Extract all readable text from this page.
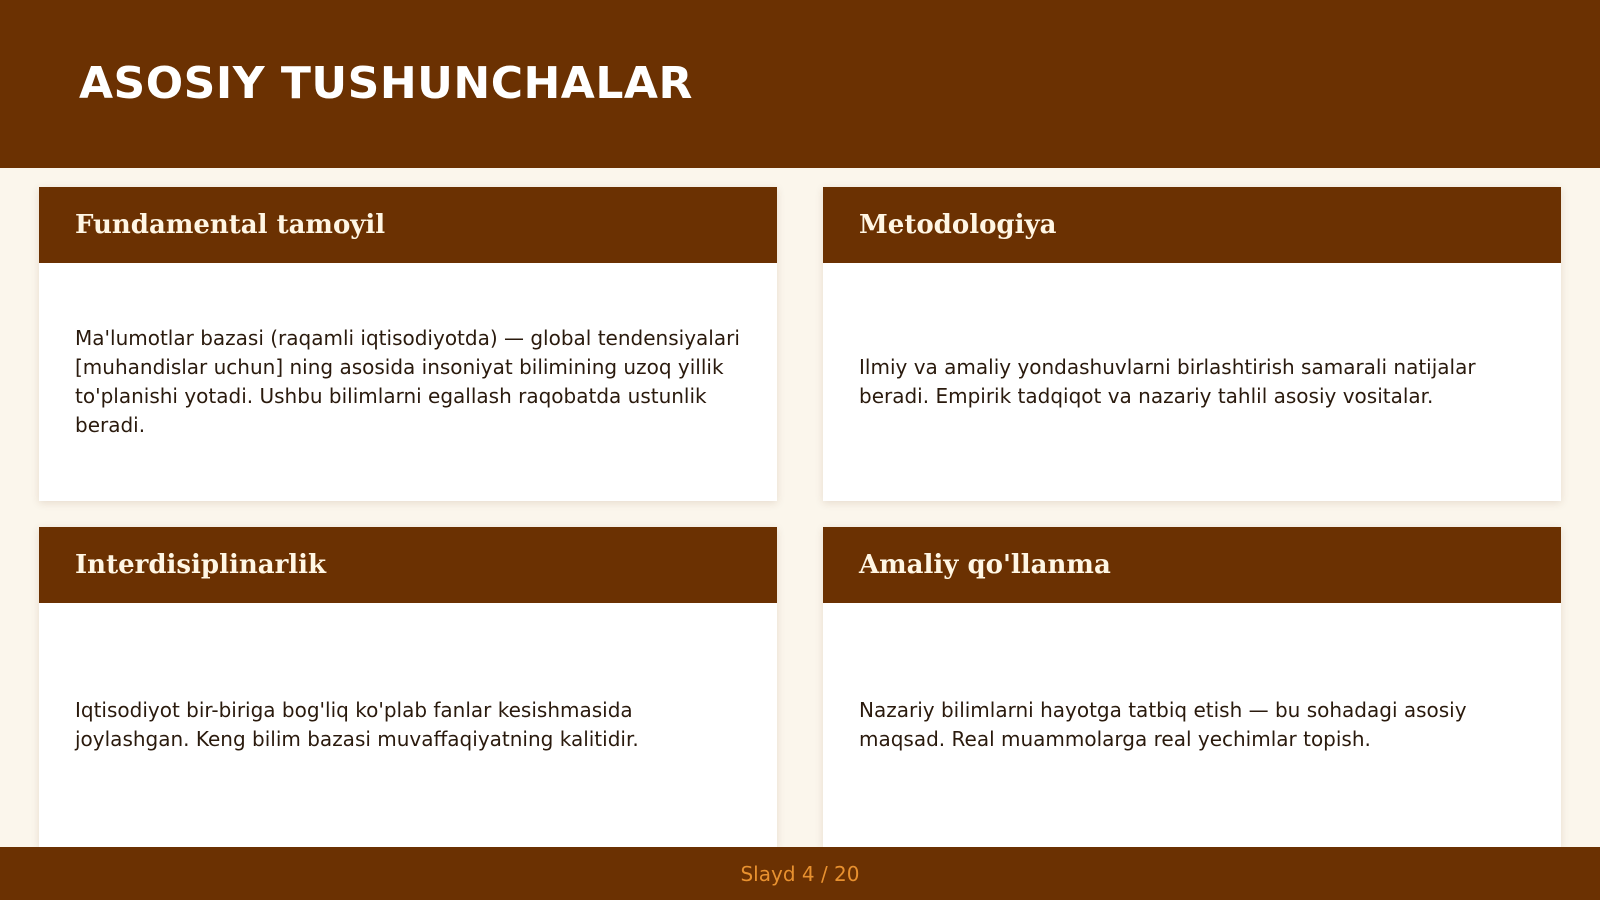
ASOSIY TUSHUNCHALAR
Fundamental tamoyil

Ma'lumotlar bazasi (raqamli iqtisodiyotda) — global tendensiyalari [muhandislar uchun] ning asosida insoniyat bilimining uzoq yillik to'planishi yotadi. Ushbu bilimlarni egallash raqobatda ustunlik beradi.

Metodologiya

Ilmiy va amaliy yondashuvlarni birlashtirish samarali natijalar beradi. Empirik tadqiqot va nazariy tahlil asosiy vositalar.

Interdisiplinarlik

Iqtisodiyot bir-biriga bog'liq ko'plab fanlar kesishmasida joylashgan. Keng bilim bazasi muvaffaqiyatning kalitidir.

Amaliy qo'llanma

Nazariy bilimlarni hayotga tatbiq etish — bu sohadagi asosiy maqsad. Real muammolarga real yechimlar topish.

Slayd 4 / 20
